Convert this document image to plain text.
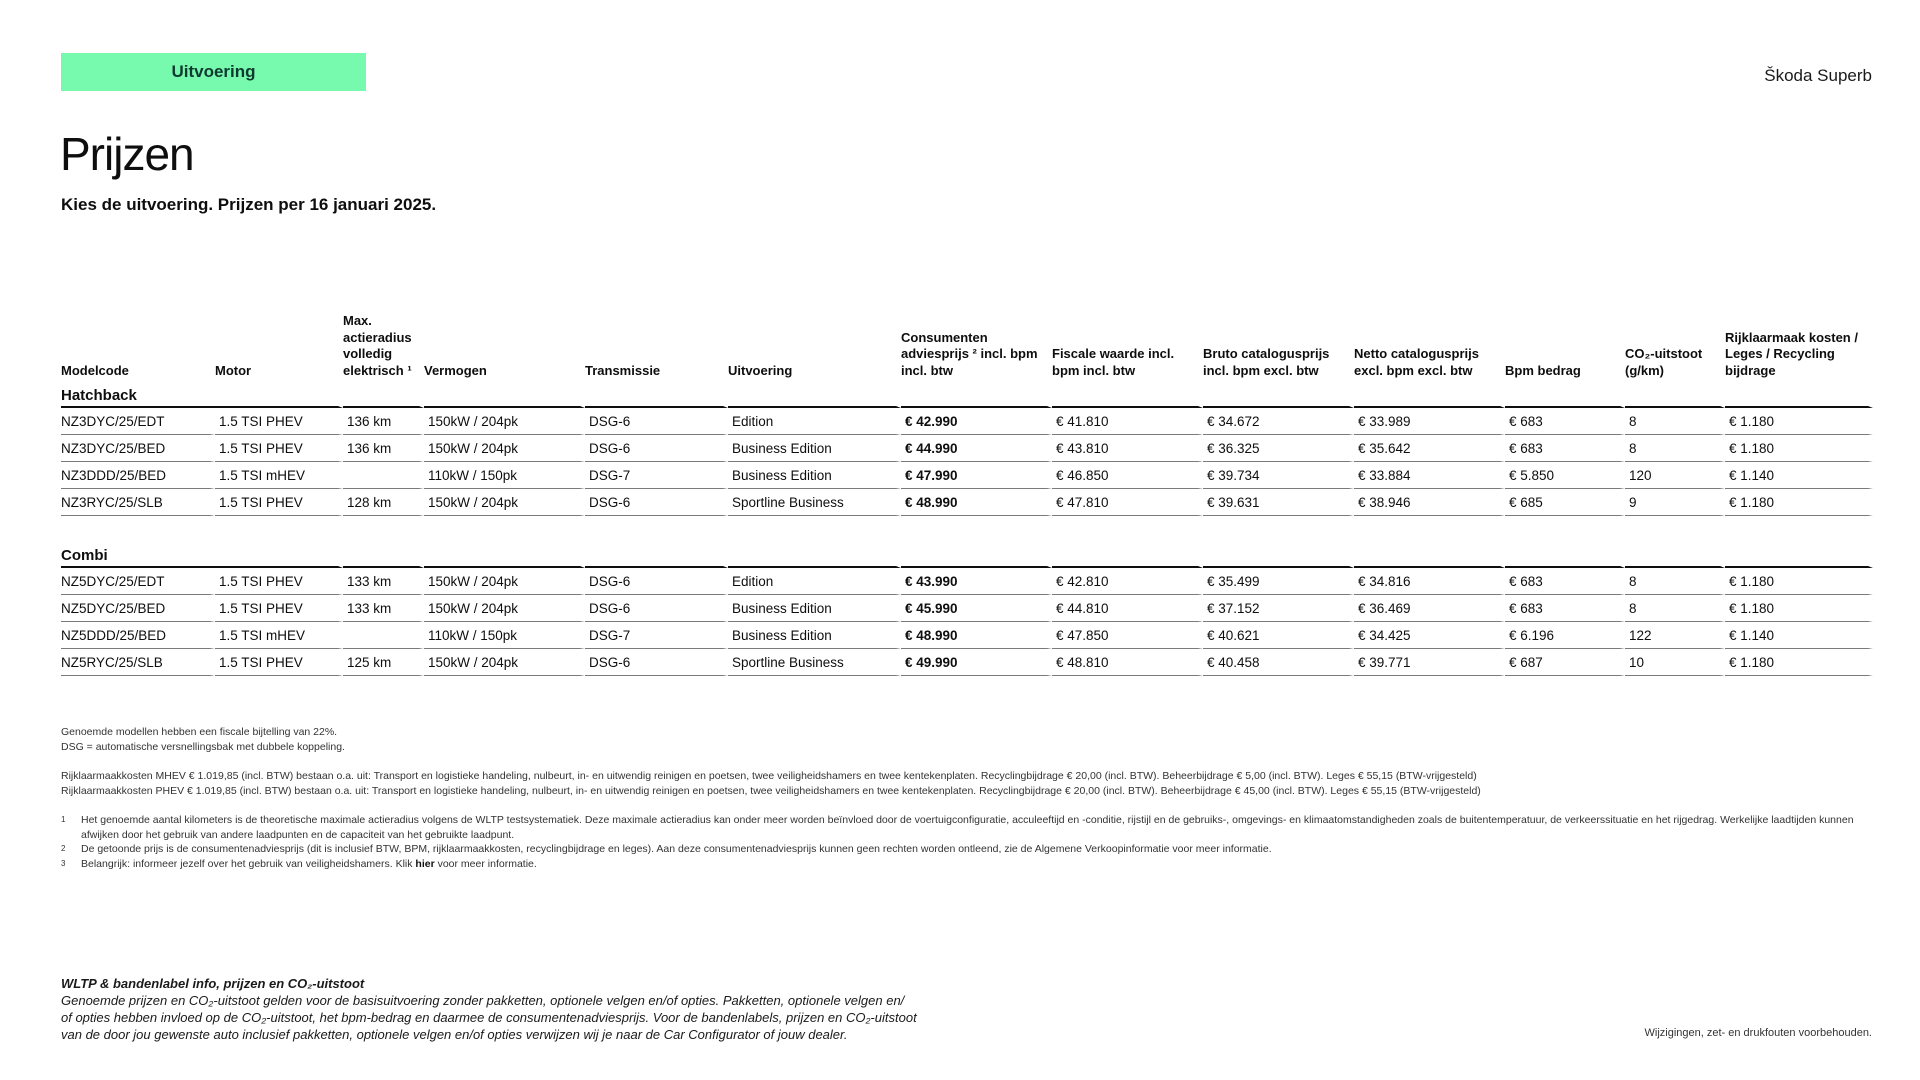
Uitvoering	Škoda Superb
Prijzen
Kies de uitvoering. Prijzen per 16 januari 2025.
Modelcode	Motor	Max. actieradius volledig elektrisch ¹	Vermogen	Transmissie	Uitvoering	Consumenten adviesprijs ² incl. bpm incl. btw	Fiscale waarde incl. bpm incl. btw	Bruto catalogusprijs incl. bpm excl. btw	Netto catalogusprijs excl. bpm excl. btw	Bpm bedrag	CO₂-uitstoot (g/km)	Rijklaarmaak kosten / Leges / Recycling bijdrage
Hatchback												
NZ3DYC/25/EDT	1.5 TSI PHEV	136 km	150kW / 204pk	DSG-6	Edition	€ 42.990	€ 41.810	€ 34.672	€ 33.989	€ 683	8	€ 1.180
NZ3DYC/25/BED	1.5 TSI PHEV	136 km	150kW / 204pk	DSG-6	Business Edition	€ 44.990	€ 43.810	€ 36.325	€ 35.642	€ 683	8	€ 1.180
NZ3DDD/25/BED	1.5 TSI mHEV		110kW / 150pk	DSG-7	Business Edition	€ 47.990	€ 46.850	€ 39.734	€ 33.884	€ 5.850	120	€ 1.140
NZ3RYC/25/SLB	1.5 TSI PHEV	128 km	150kW / 204pk	DSG-6	Sportline Business	€ 48.990	€ 47.810	€ 39.631	€ 38.946	€ 685	9	€ 1.180

Combi												
NZ5DYC/25/EDT	1.5 TSI PHEV	133 km	150kW / 204pk	DSG-6	Edition	€ 43.990	€ 42.810	€ 35.499	€ 34.816	€ 683	8	€ 1.180
NZ5DYC/25/BED	1.5 TSI PHEV	133 km	150kW / 204pk	DSG-6	Business Edition	€ 45.990	€ 44.810	€ 37.152	€ 36.469	€ 683	8	€ 1.180
NZ5DDD/25/BED	1.5 TSI mHEV		110kW / 150pk	DSG-7	Business Edition	€ 48.990	€ 47.850	€ 40.621	€ 34.425	€ 6.196	122	€ 1.140
NZ5RYC/25/SLB	1.5 TSI PHEV	125 km	150kW / 204pk	DSG-6	Sportline Business	€ 49.990	€ 48.810	€ 40.458	€ 39.771	€ 687	10	€ 1.180

Genoemde modellen hebben een fiscale bijtelling van 22%.

DSG = automatische versnellingsbak met dubbele koppeling.

Rijklaarmaakkosten MHEV € 1.019,85 (incl. BTW) bestaan o.a. uit: Transport en logistieke handeling, nulbeurt, in- en uitwendig reinigen en poetsen, twee veiligheidshamers en twee kentekenplaten. Recyclingbijdrage € 20,00 (incl. BTW). Beheerbijdrage € 5,00 (incl. BTW). Leges € 55,15 (BTW-vrijgesteld)

Rijklaarmaakkosten PHEV € 1.019,85 (incl. BTW) bestaan o.a. uit: Transport en logistieke handeling, nulbeurt, in- en uitwendig reinigen en poetsen, twee veiligheidshamers en twee kentekenplaten. Recyclingbijdrage € 20,00 (incl. BTW). Beheerbijdrage € 45,00 (incl. BTW). Leges € 55,15 (BTW-vrijgesteld)

1	Het genoemde aantal kilometers is de theoretische maximale actieradius volgens de WLTP testsystematiek. Deze maximale actieradius kan onder meer worden beïnvloed door de voertuigconfiguratie, acculeeftijd en -conditie, rijstijl en de gebruiks-, omgevings- en klimaatomstandigheden zoals de buitentemperatuur, de verkeerssituatie en het rijgedrag. Werkelijke laadtijden kunnen afwijken door het gebruik van andere laadpunten en de capaciteit van het gebruikte laadpunt.
2	De getoonde prijs is de consumentenadviesprijs (dit is inclusief BTW, BPM, rijklaarmaakkosten, recyclingbijdrage en leges). Aan deze consumentenadviesprijs kunnen geen rechten worden ontleend, zie de Algemene Verkoopinformatie voor meer informatie.
3	Belangrijk: informeer jezelf over het gebruik van veiligheidshamers. Klik hier voor meer informatie.
WLTP & bandenlabel info, prijzen en CO₂-uitstoot
Genoemde prijzen en CO₂-uitstoot gelden voor de basisuitvoering zonder pakketten, optionele velgen en/of opties. Pakketten, optionele velgen en/
of opties hebben invloed op de CO₂-uitstoot, het bpm-bedrag en daarmee de consumentenadviesprijs. Voor de bandenlabels, prijzen en CO₂-uitstoot
van de door jou gewenste auto inclusief pakketten, optionele velgen en/of opties verwijzen wij je naar de Car Configurator of jouw dealer.	Wijzigingen, zet- en drukfouten voorbehouden.
